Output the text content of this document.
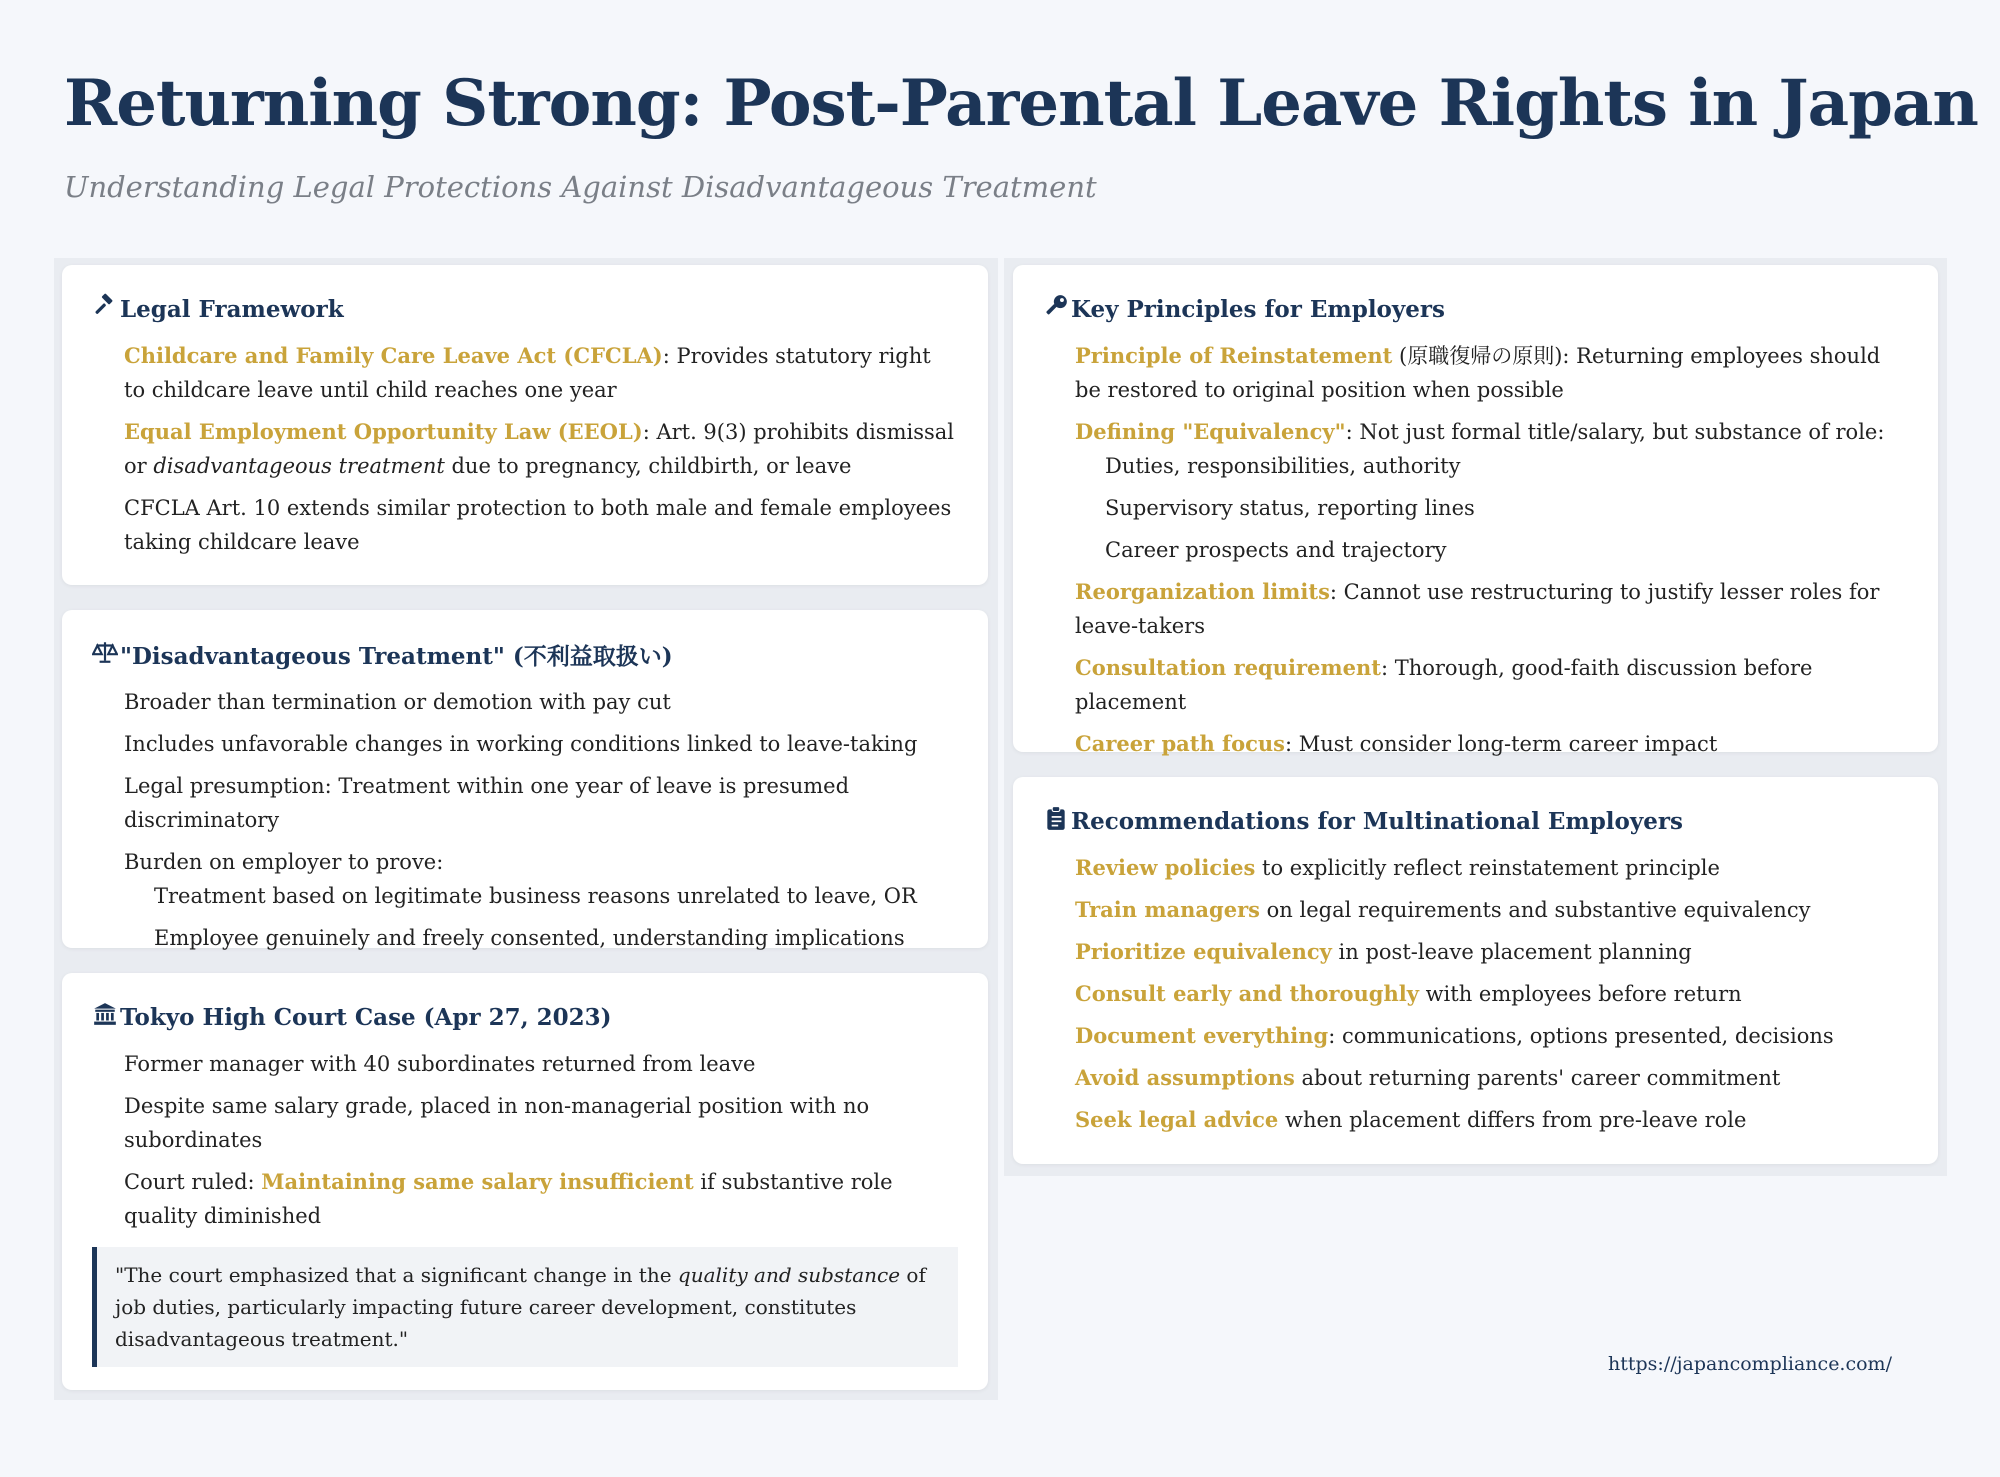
Returning Strong: Post-Parental Leave Rights in Japan
Understanding Legal Protections Against Disadvantageous Treatment
Legal Framework
Childcare and Family Care Leave Act (CFCLA): Provides statutory right to childcare leave until child reaches one year
Equal Employment Opportunity Law (EEOL): Art. 9(3) prohibits dismissal or disadvantageous treatment due to pregnancy, childbirth, or leave
CFCLA Art. 10 extends similar protection to both male and female employees taking childcare leave
"Disadvantageous Treatment" (不利益取扱い)
Broader than termination or demotion with pay cut
Includes unfavorable changes in working conditions linked to leave-taking
Legal presumption: Treatment within one year of leave is presumed discriminatory
Burden on employer to prove:
Treatment based on legitimate business reasons unrelated to leave, OR
Employee genuinely and freely consented, understanding implications
Tokyo High Court Case (Apr 27, 2023)
Former manager with 40 subordinates returned from leave
Despite same salary grade, placed in non-managerial position with no subordinates
Court ruled: Maintaining same salary insufficient if substantive role quality diminished
"The court emphasized that a significant change in the quality and substance of job duties, particularly impacting future career development, constitutes disadvantageous treatment."
Key Principles for Employers
Principle of Reinstatement (原職復帰の原則): Returning employees should be restored to original position when possible
Defining "Equivalency": Not just formal title/salary, but substance of role:
Duties, responsibilities, authority
Supervisory status, reporting lines
Career prospects and trajectory
Reorganization limits: Cannot use restructuring to justify lesser roles for leave-takers
Consultation requirement: Thorough, good-faith discussion before placement
Career path focus: Must consider long-term career impact
Recommendations for Multinational Employers
Review policies to explicitly reflect reinstatement principle
Train managers on legal requirements and substantive equivalency
Prioritize equivalency in post-leave placement planning
Consult early and thoroughly with employees before return
Document everything: communications, options presented, decisions
Avoid assumptions about returning parents' career commitment
Seek legal advice when placement differs from pre-leave role
https://japancompliance.com/
